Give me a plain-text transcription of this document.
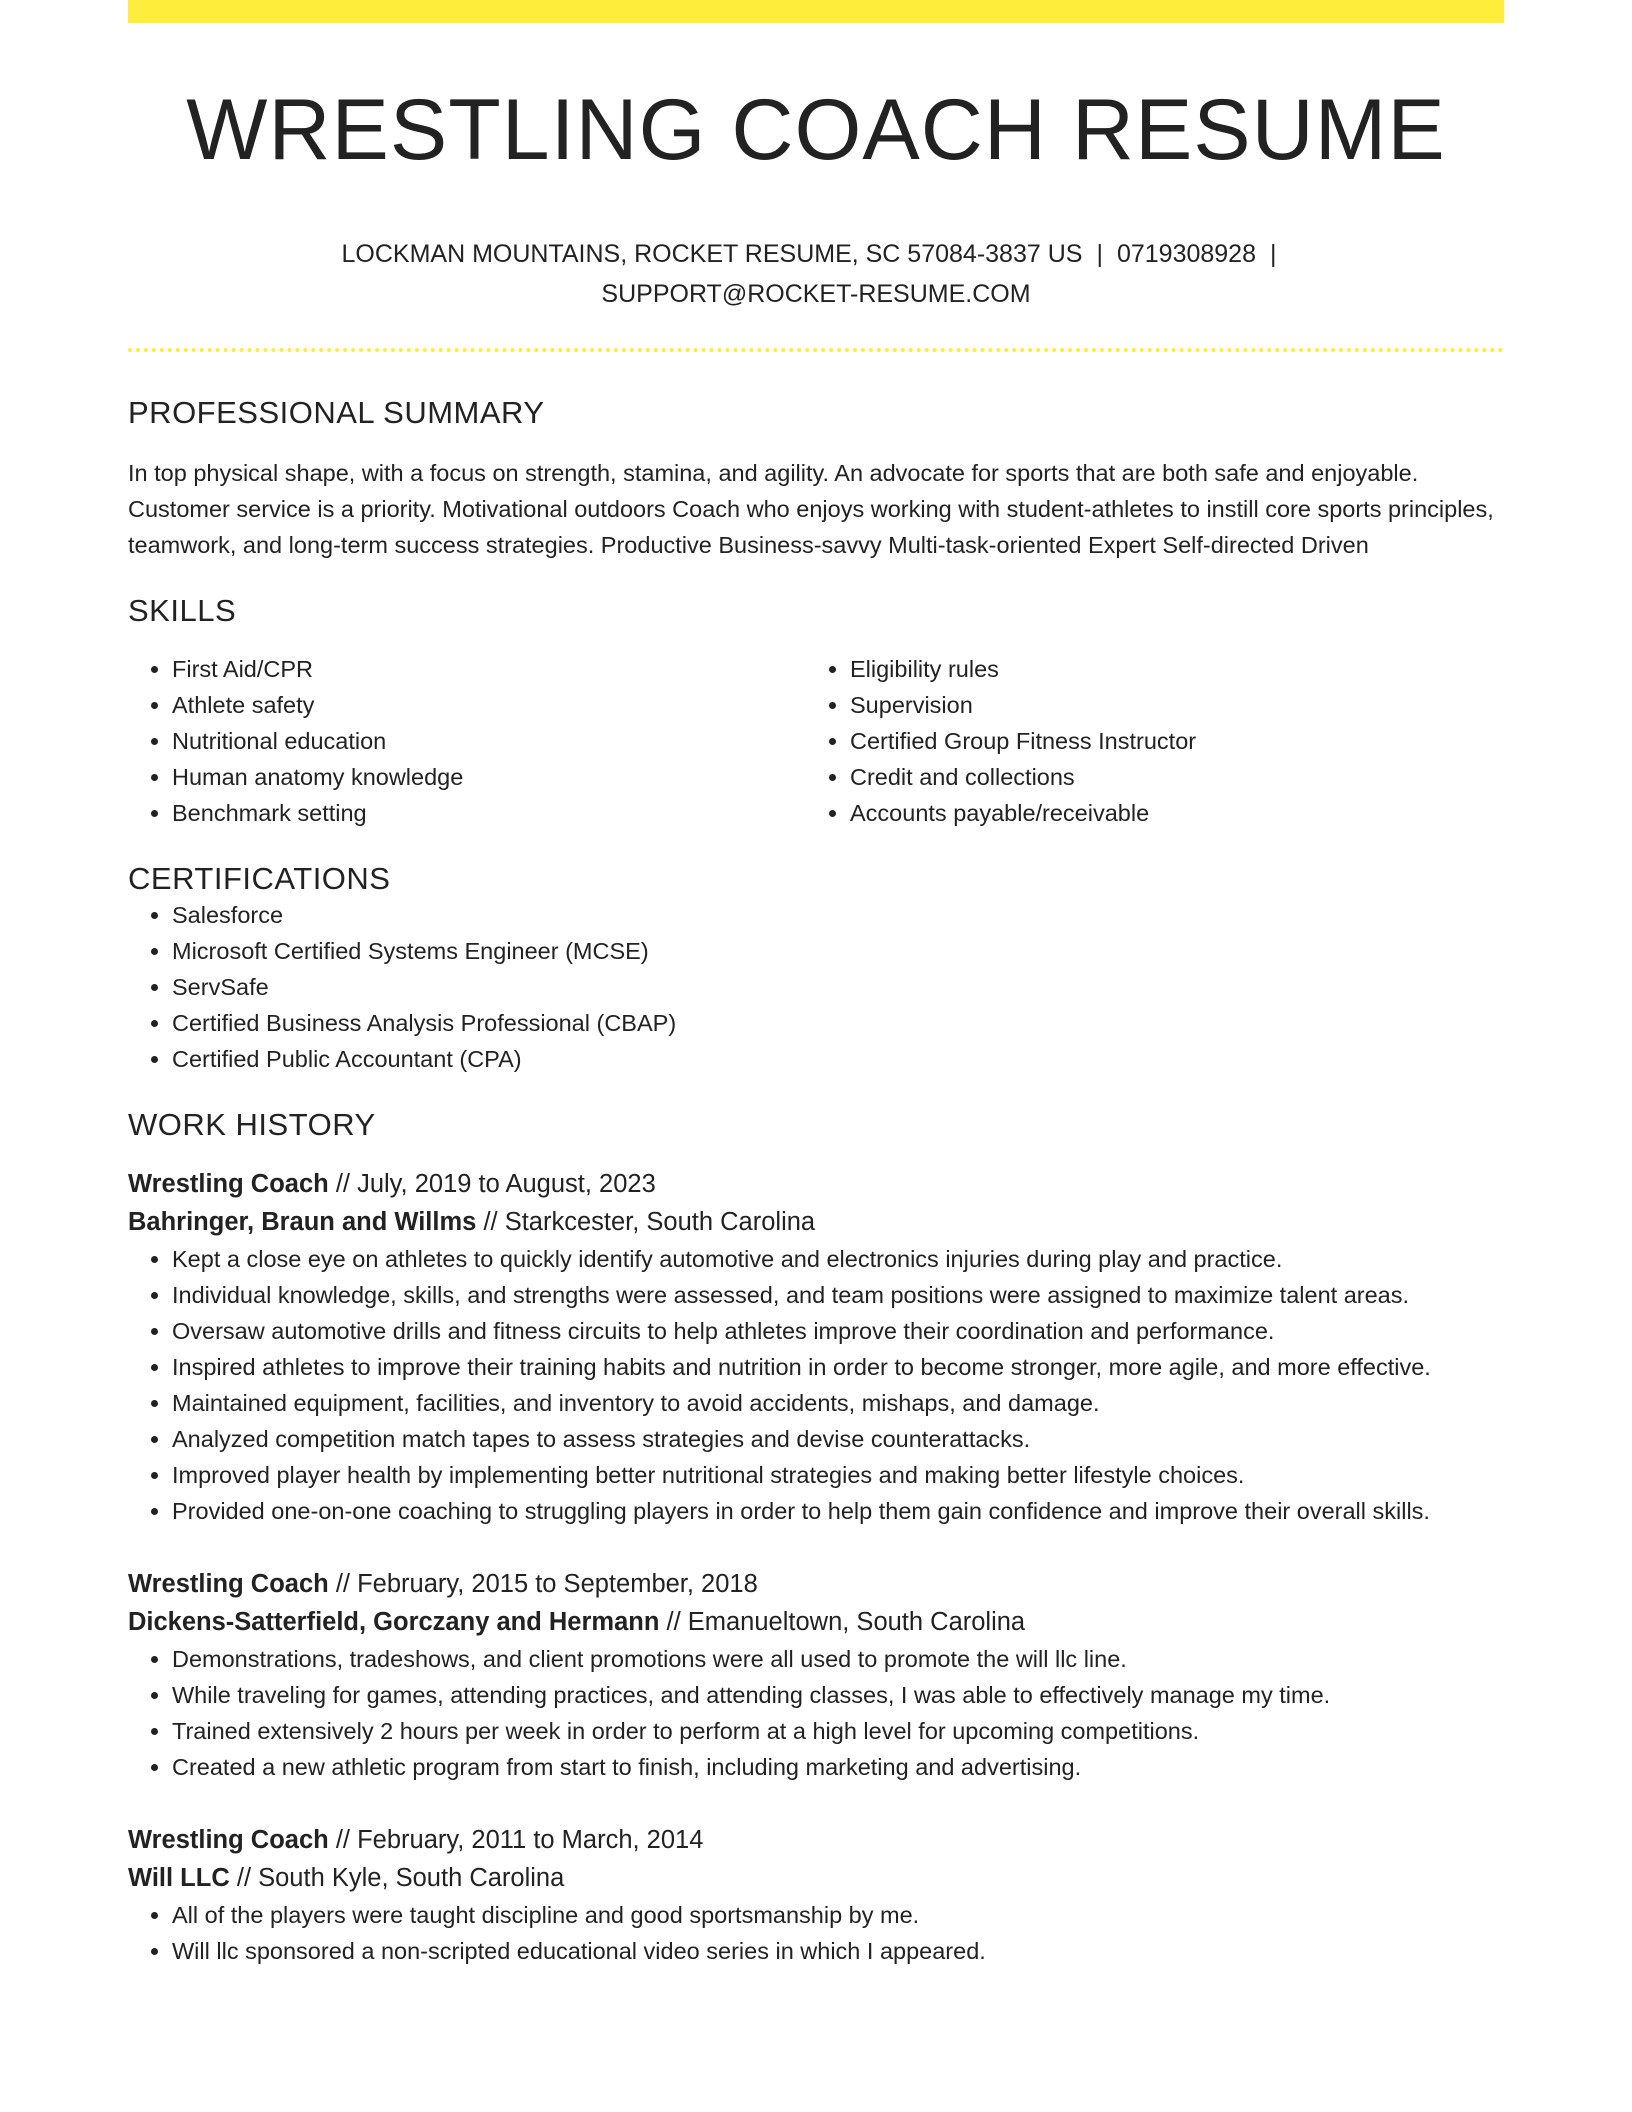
WRESTLING COACH RESUME
LOCKMAN MOUNTAINS, ROCKET RESUME, SC 57084-3837 US | 0719308928 |
SUPPORT@ROCKET-RESUME.COM
PROFESSIONAL SUMMARY

In top physical shape, with a focus on strength, stamina, and agility. An advocate for sports that are both safe and enjoyable. Customer service is a priority. Motivational outdoors Coach who enjoys working with student-athletes to instill core sports principles, teamwork, and long-term success strategies. Productive Business-savvy Multi-task-oriented Expert Self-directed Driven

SKILLS
• First Aid/CPR
• Athlete safety
• Nutritional education
• Human anatomy knowledge
• Benchmark setting
• Eligibility rules
• Supervision
• Certified Group Fitness Instructor
• Credit and collections
• Accounts payable/receivable
CERTIFICATIONS
• Salesforce
• Microsoft Certified Systems Engineer (MCSE)
• ServSafe
• Certified Business Analysis Professional (CBAP)
• Certified Public Accountant (CPA)
WORK HISTORY
Wrestling Coach // July, 2019 to August, 2023
Bahringer, Braun and Willms // Starkcester, South Carolina
• Kept a close eye on athletes to quickly identify automotive and electronics injuries during play and practice.
• Individual knowledge, skills, and strengths were assessed, and team positions were assigned to maximize talent areas.
• Oversaw automotive drills and fitness circuits to help athletes improve their coordination and performance.
• Inspired athletes to improve their training habits and nutrition in order to become stronger, more agile, and more effective.
• Maintained equipment, facilities, and inventory to avoid accidents, mishaps, and damage.
• Analyzed competition match tapes to assess strategies and devise counterattacks.
• Improved player health by implementing better nutritional strategies and making better lifestyle choices.
• Provided one-on-one coaching to struggling players in order to help them gain confidence and improve their overall skills.
Wrestling Coach // February, 2015 to September, 2018
Dickens-Satterfield, Gorczany and Hermann // Emanueltown, South Carolina
• Demonstrations, tradeshows, and client promotions were all used to promote the will llc line.
• While traveling for games, attending practices, and attending classes, I was able to effectively manage my time.
• Trained extensively 2 hours per week in order to perform at a high level for upcoming competitions.
• Created a new athletic program from start to finish, including marketing and advertising.
Wrestling Coach // February, 2011 to March, 2014
Will LLC // South Kyle, South Carolina
• All of the players were taught discipline and good sportsmanship by me.
• Will llc sponsored a non-scripted educational video series in which I appeared.
